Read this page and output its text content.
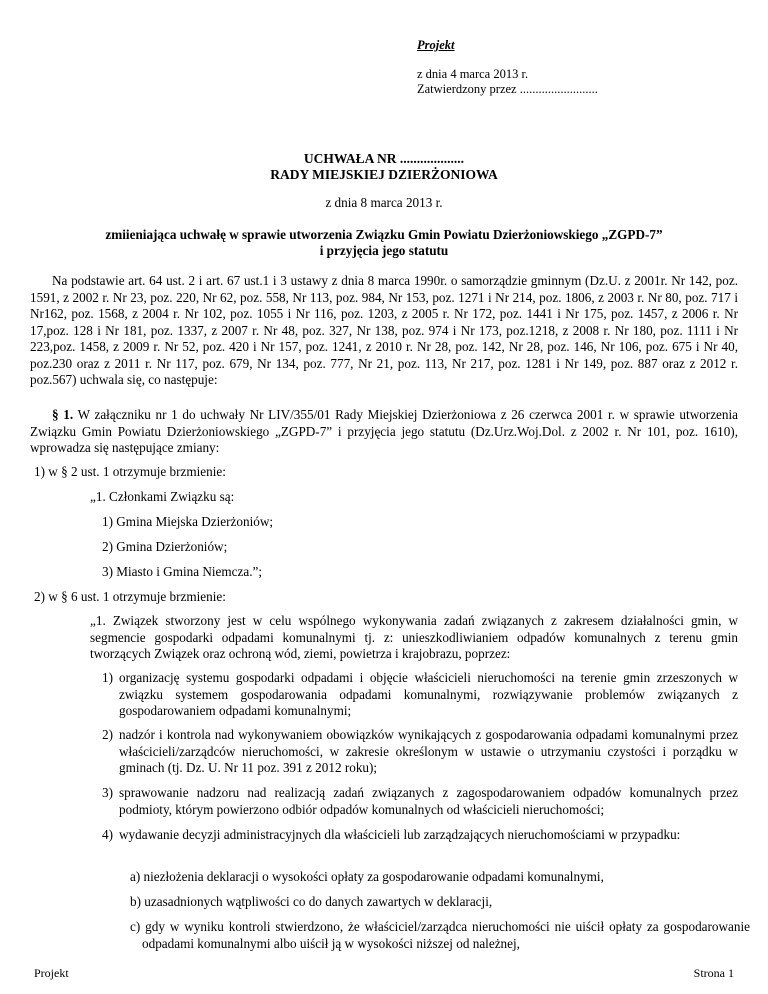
Projekt
z dnia 4 marca 2013 r.
Zatwierdzony przez .........................
UCHWAŁA NR ...................
RADY MIEJSKIEJ DZIERŻONIOWA
z dnia 8 marca 2013 r.
zmiieniająca uchwałę w sprawie utworzenia Związku Gmin Powiatu Dzierżoniowskiego „ZGPD-7”
i przyjęcia jego statutu
Na podstawie art. 64 ust. 2 i art. 67 ust.1 i 3 ustawy z dnia 8 marca 1990r. o samorządzie gminnym (Dz.U. z 2001r. Nr 142, poz. 1591, z 2002 r. Nr 23, poz. 220, Nr 62, poz. 558, Nr 113, poz. 984, Nr 153, poz. 1271 i Nr 214, poz. 1806, z 2003 r. Nr 80, poz. 717 i Nr162, poz. 1568, z 2004 r. Nr 102, poz. 1055 i Nr 116, poz. 1203, z 2005 r. Nr 172, poz. 1441 i Nr 175, poz. 1457, z 2006 r. Nr 17,poz. 128 i Nr 181, poz. 1337, z 2007 r. Nr 48, poz. 327, Nr 138, poz. 974 i Nr 173, poz.1218, z 2008 r. Nr 180, poz. 1111 i Nr 223,poz. 1458, z 2009 r. Nr 52, poz. 420 i Nr 157, poz. 1241, z 2010 r. Nr 28, poz. 142, Nr 28, poz. 146, Nr 106, poz. 675 i Nr 40, poz.230 oraz z 2011 r. Nr 117, poz. 679, Nr 134, poz. 777, Nr 21, poz. 113, Nr 217, poz. 1281 i Nr 149, poz. 887 oraz z 2012 r. poz.567) uchwala się, co następuje:
§ 1. W załączniku nr 1 do uchwały Nr LIV/355/01 Rady Miejskiej Dzierżoniowa z 26 czerwca 2001 r. w sprawie utworzenia Związku Gmin Powiatu Dzierżoniowskiego „ZGPD-7” i przyjęcia jego statutu (Dz.Urz.Woj.Dol. z 2002 r. Nr 101, poz. 1610), wprowadza się następujące zmiany:
1) w § 2 ust. 1 otrzymuje brzmienie:
„1. Członkami Związku są:
1) Gmina Miejska Dzierżoniów;
2) Gmina Dzierżoniów;
3) Miasto i Gmina Niemcza.”;
2) w § 6 ust. 1 otrzymuje brzmienie:
„1. Związek stworzony jest w celu wspólnego wykonywania zadań związanych z zakresem działalności gmin, w segmencie gospodarki odpadami komunalnymi tj. z: unieszkodliwianiem odpadów komunalnych z terenu gmin tworzących Związek oraz ochroną wód, ziemi, powietrza i krajobrazu, poprzez:
1) organizację systemu gospodarki odpadami i objęcie właścicieli nieruchomości na terenie gmin zrzeszonych w związku systemem gospodarowania odpadami komunalnymi, rozwiązywanie problemów związanych z gospodarowaniem odpadami komunalnymi;
2) nadzór i kontrola nad wykonywaniem obowiązków wynikających z gospodarowania odpadami komunalnymi przez właścicieli/zarządców nieruchomości, w zakresie określonym w ustawie o utrzymaniu czystości i porządku w gminach (tj. Dz. U. Nr 11 poz. 391 z 2012 roku);
3) sprawowanie nadzoru nad realizacją zadań związanych z zagospodarowaniem odpadów komunalnych przez podmioty, którym powierzono odbiór odpadów komunalnych od właścicieli nieruchomości;
4) wydawanie decyzji administracyjnych dla właścicieli lub zarządzających nieruchomościami w przypadku:
a) niezłożenia deklaracji o wysokości opłaty za gospodarowanie odpadami komunalnymi,
b) uzasadnionych wątpliwości co do danych zawartych w deklaracji,
c) gdy w wyniku kontroli stwierdzono, że właściciel/zarządca nieruchomości nie uiścił opłaty za gospodarowanie odpadami komunalnymi albo uiścił ją w wysokości niższej od należnej,
Projekt	Strona 1
